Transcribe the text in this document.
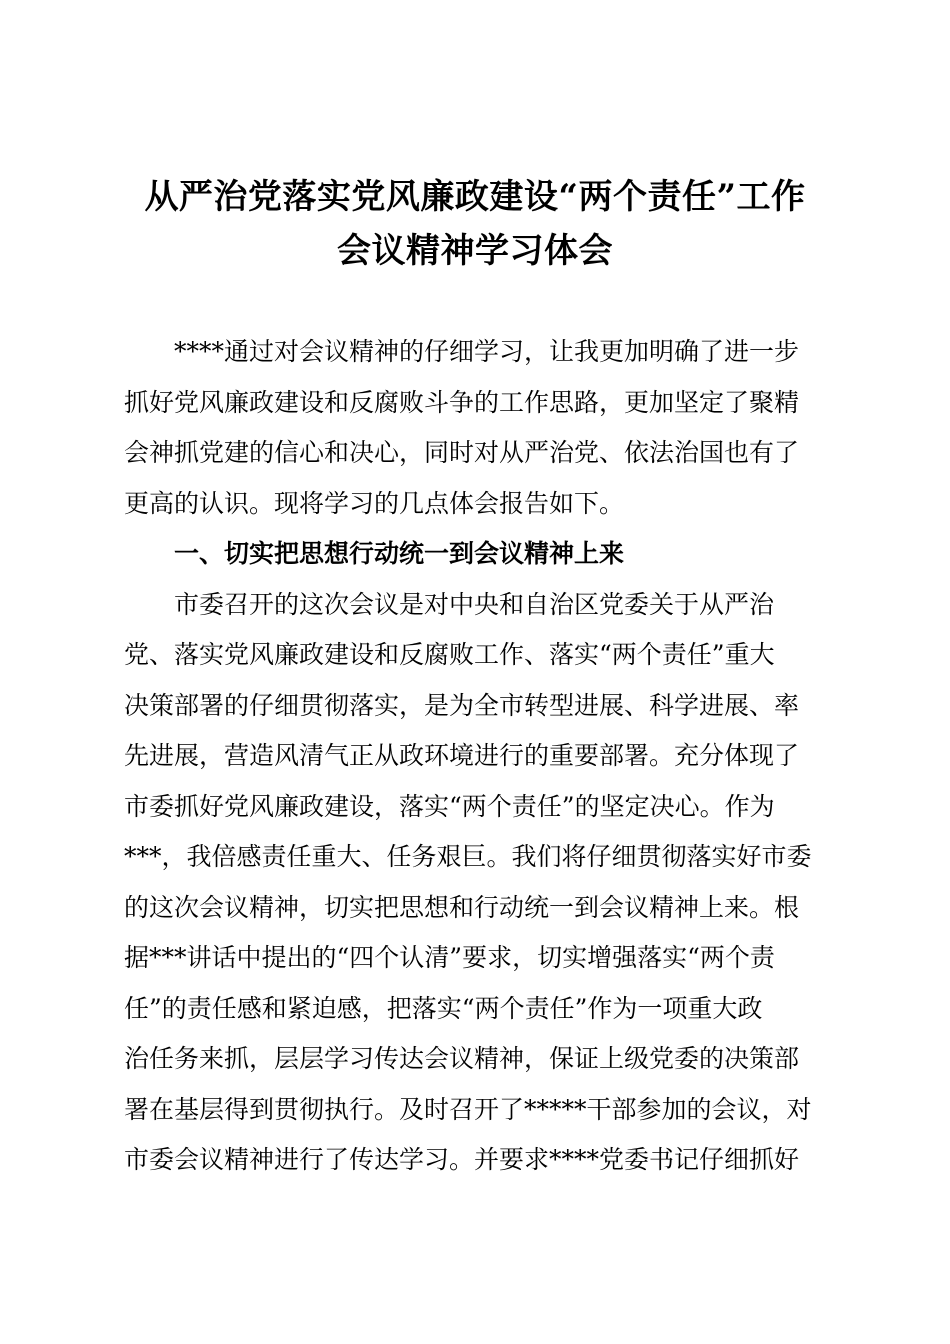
从严治党落实党风廉政建设“两个责任”工作
会议精神学习体会
****通过对会议精神的仔细学习，让我更加明确了进一步
抓好党风廉政建设和反腐败斗争的工作思路，更加坚定了聚精
会神抓党建的信心和决心，同时对从严治党、依法治国也有了
更高的认识。现将学习的几点体会报告如下。
一、切实把思想行动统一到会议精神上来
市委召开的这次会议是对中央和自治区党委关于从严治
党、落实党风廉政建设和反腐败工作、落实“两个责任”重大
决策部署的仔细贯彻落实，是为全市转型进展、科学进展、率
先进展，营造风清气正从政环境进行的重要部署。充分体现了
市委抓好党风廉政建设，落实“两个责任”的坚定决心。作为
***，我倍感责任重大、任务艰巨。我们将仔细贯彻落实好市委
的这次会议精神，切实把思想和行动统一到会议精神上来。根
据***讲话中提出的“四个认清”要求，切实增强落实“两个责
任”的责任感和紧迫感，把落实“两个责任”作为一项重大政
治任务来抓，层层学习传达会议精神，保证上级党委的决策部
署在基层得到贯彻执行。及时召开了*****干部参加的会议，对
市委会议精神进行了传达学习。并要求****党委书记仔细抓好
